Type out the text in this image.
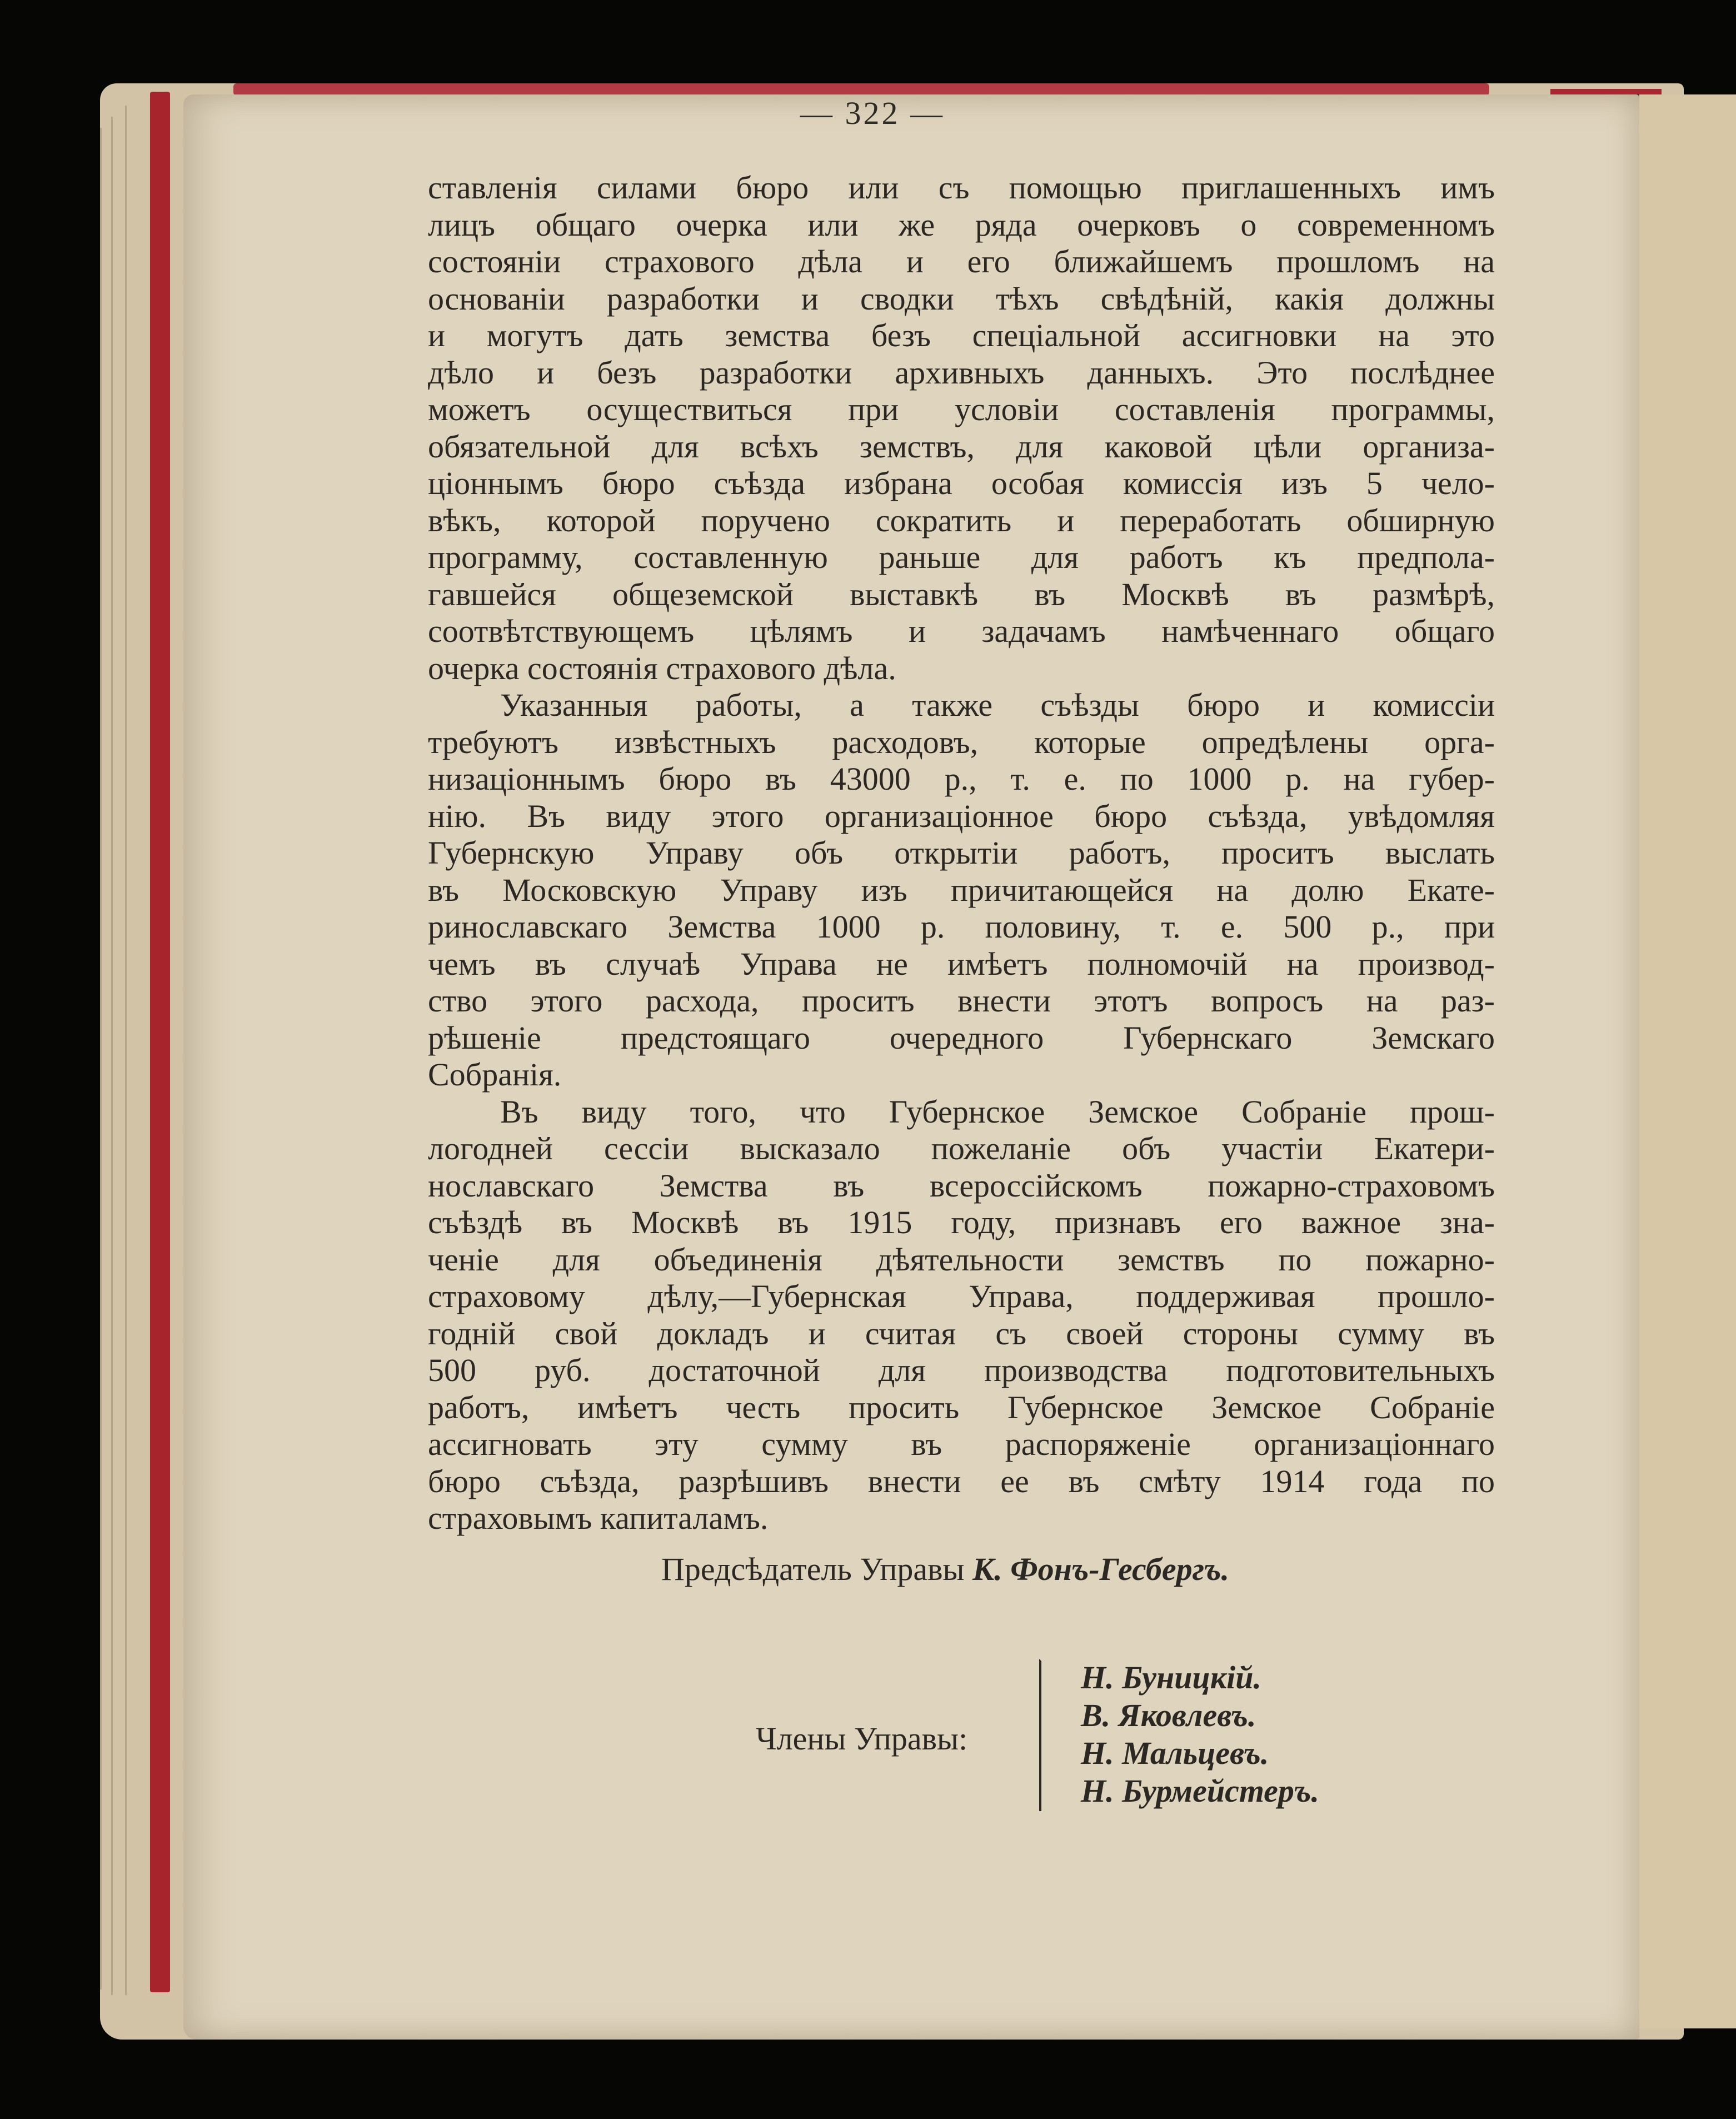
— 322 —
ставленія силами бюро или съ помощью приглашенныхъ имъ
лицъ общаго очерка или же ряда очерковъ о современномъ
состояніи страхового дѣла и его ближайшемъ прошломъ на
основаніи разработки и сводки тѣхъ свѣдѣній, какія должны
и могутъ дать земства безъ спеціальной ассигновки на это
дѣло и безъ разработки архивныхъ данныхъ. Это послѣднее
можетъ осуществиться при условіи составленія программы,
обязательной для всѣхъ земствъ, для каковой цѣли организа-
ціоннымъ бюро съѣзда избрана особая комиссія изъ 5 чело-
вѣкъ, которой поручено сократить и переработать обширную
программу, составленную раньше для работъ къ предпола-
гавшейся общеземской выставкѣ въ Москвѣ въ размѣрѣ,
соотвѣтствующемъ цѣлямъ и задачамъ намѣченнаго общаго
очерка состоянія страхового дѣла.
Указанныя работы, а также съѣзды бюро и комиссіи
требуютъ извѣстныхъ расходовъ, которые опредѣлены орга-
низаціоннымъ бюро въ 43000 р., т. е. по 1000 р. на губер-
нію. Въ виду этого организаціонное бюро съѣзда, увѣдомляя
Губернскую Управу объ открытіи работъ, проситъ выслать
въ Московскую Управу изъ причитающейся на долю Екате-
ринославскаго Земства 1000 р. половину, т. е. 500 р., при
чемъ въ случаѣ Управа не имѣетъ полномочій на производ-
ство этого расхода, проситъ внести этотъ вопросъ на раз-
рѣшеніе предстоящаго очередного Губернскаго Земскаго
Собранія.
Въ виду того, что Губернское Земское Собраніе прош-
логодней сессіи высказало пожеланіе объ участіи Екатери-
нославскаго Земства въ всероссійскомъ пожарно-страховомъ
съѣздѣ въ Москвѣ въ 1915 году, признавъ его важное зна-
ченіе для объединенія дѣятельности земствъ по пожарно-
страховому дѣлу,—Губернская Управа, поддерживая прошло-
годній свой докладъ и считая съ своей стороны сумму въ
500 руб. достаточной для производства подготовительныхъ
работъ, имѣетъ честь просить Губернское Земское Собраніе
ассигновать эту сумму въ распоряженіе организаціоннаго
бюро съѣзда, разрѣшивъ внести ее въ смѣту 1914 года по
страховымъ капиталамъ.
Предсѣдатель Управы К. Фонъ-Гесбергъ.
Члены Управы:
Н. Буницкій.
В. Яковлевъ.
Н. Мальцевъ.
Н. Бурмейстеръ.
